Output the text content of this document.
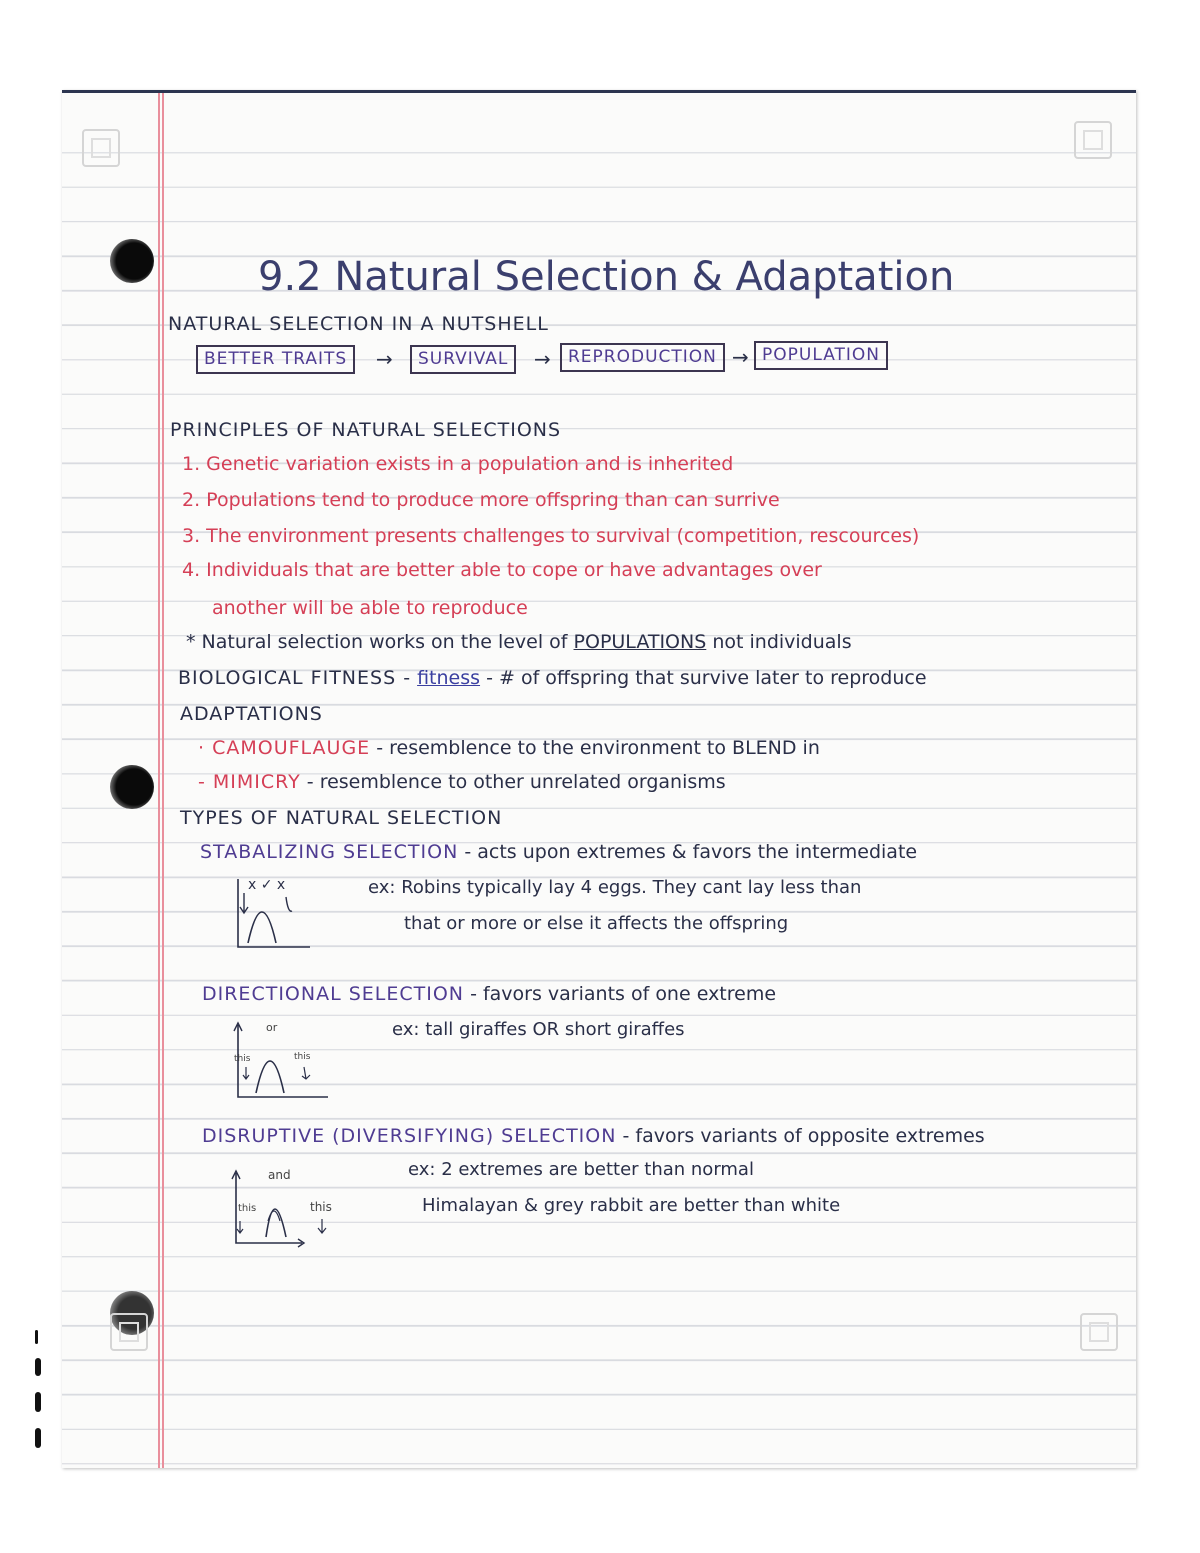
9.2 Natural Selection & Adaptation
NATURAL SELECTION IN A NUTSHELL
BETTER TRAITS	→	SURVIVAL	→	REPRODUCTION → POPULATION
PRINCIPLES OF NATURAL SELECTIONS
1. Genetic variation exists in a population and is inherited
2. Populations tend to produce more offspring than can surrive
3. The environment presents challenges to survival (competition, rescources)
4. Individuals that are better able to cope or have advantages over
another will be able to reproduce
* Natural selection works on the level of POPULATIONS not individuals
BIOLOGICAL FITNESS - fitness - # of offspring that survive later to reproduce
ADAPTATIONS
· CAMOUFLAUGE - resemblence to the environment to BLEND in
- MIMICRY - resemblence to other unrelated organisms
TYPES OF NATURAL SELECTION
STABALIZING SELECTION - acts upon extremes & favors the intermediate
x ✓ x	ex: Robins typically lay 4 eggs. They cant lay less than
that or more or else it affects the offspring
DIRECTIONAL SELECTION - favors variants of one extreme
or
this	this
ex: tall giraffes OR short giraffes
DISRUPTIVE (DIVERSIFYING) SELECTION - favors variants of opposite extremes
and
this	this
ex: 2 extremes are better than normal
Himalayan & grey rabbit are better than white
